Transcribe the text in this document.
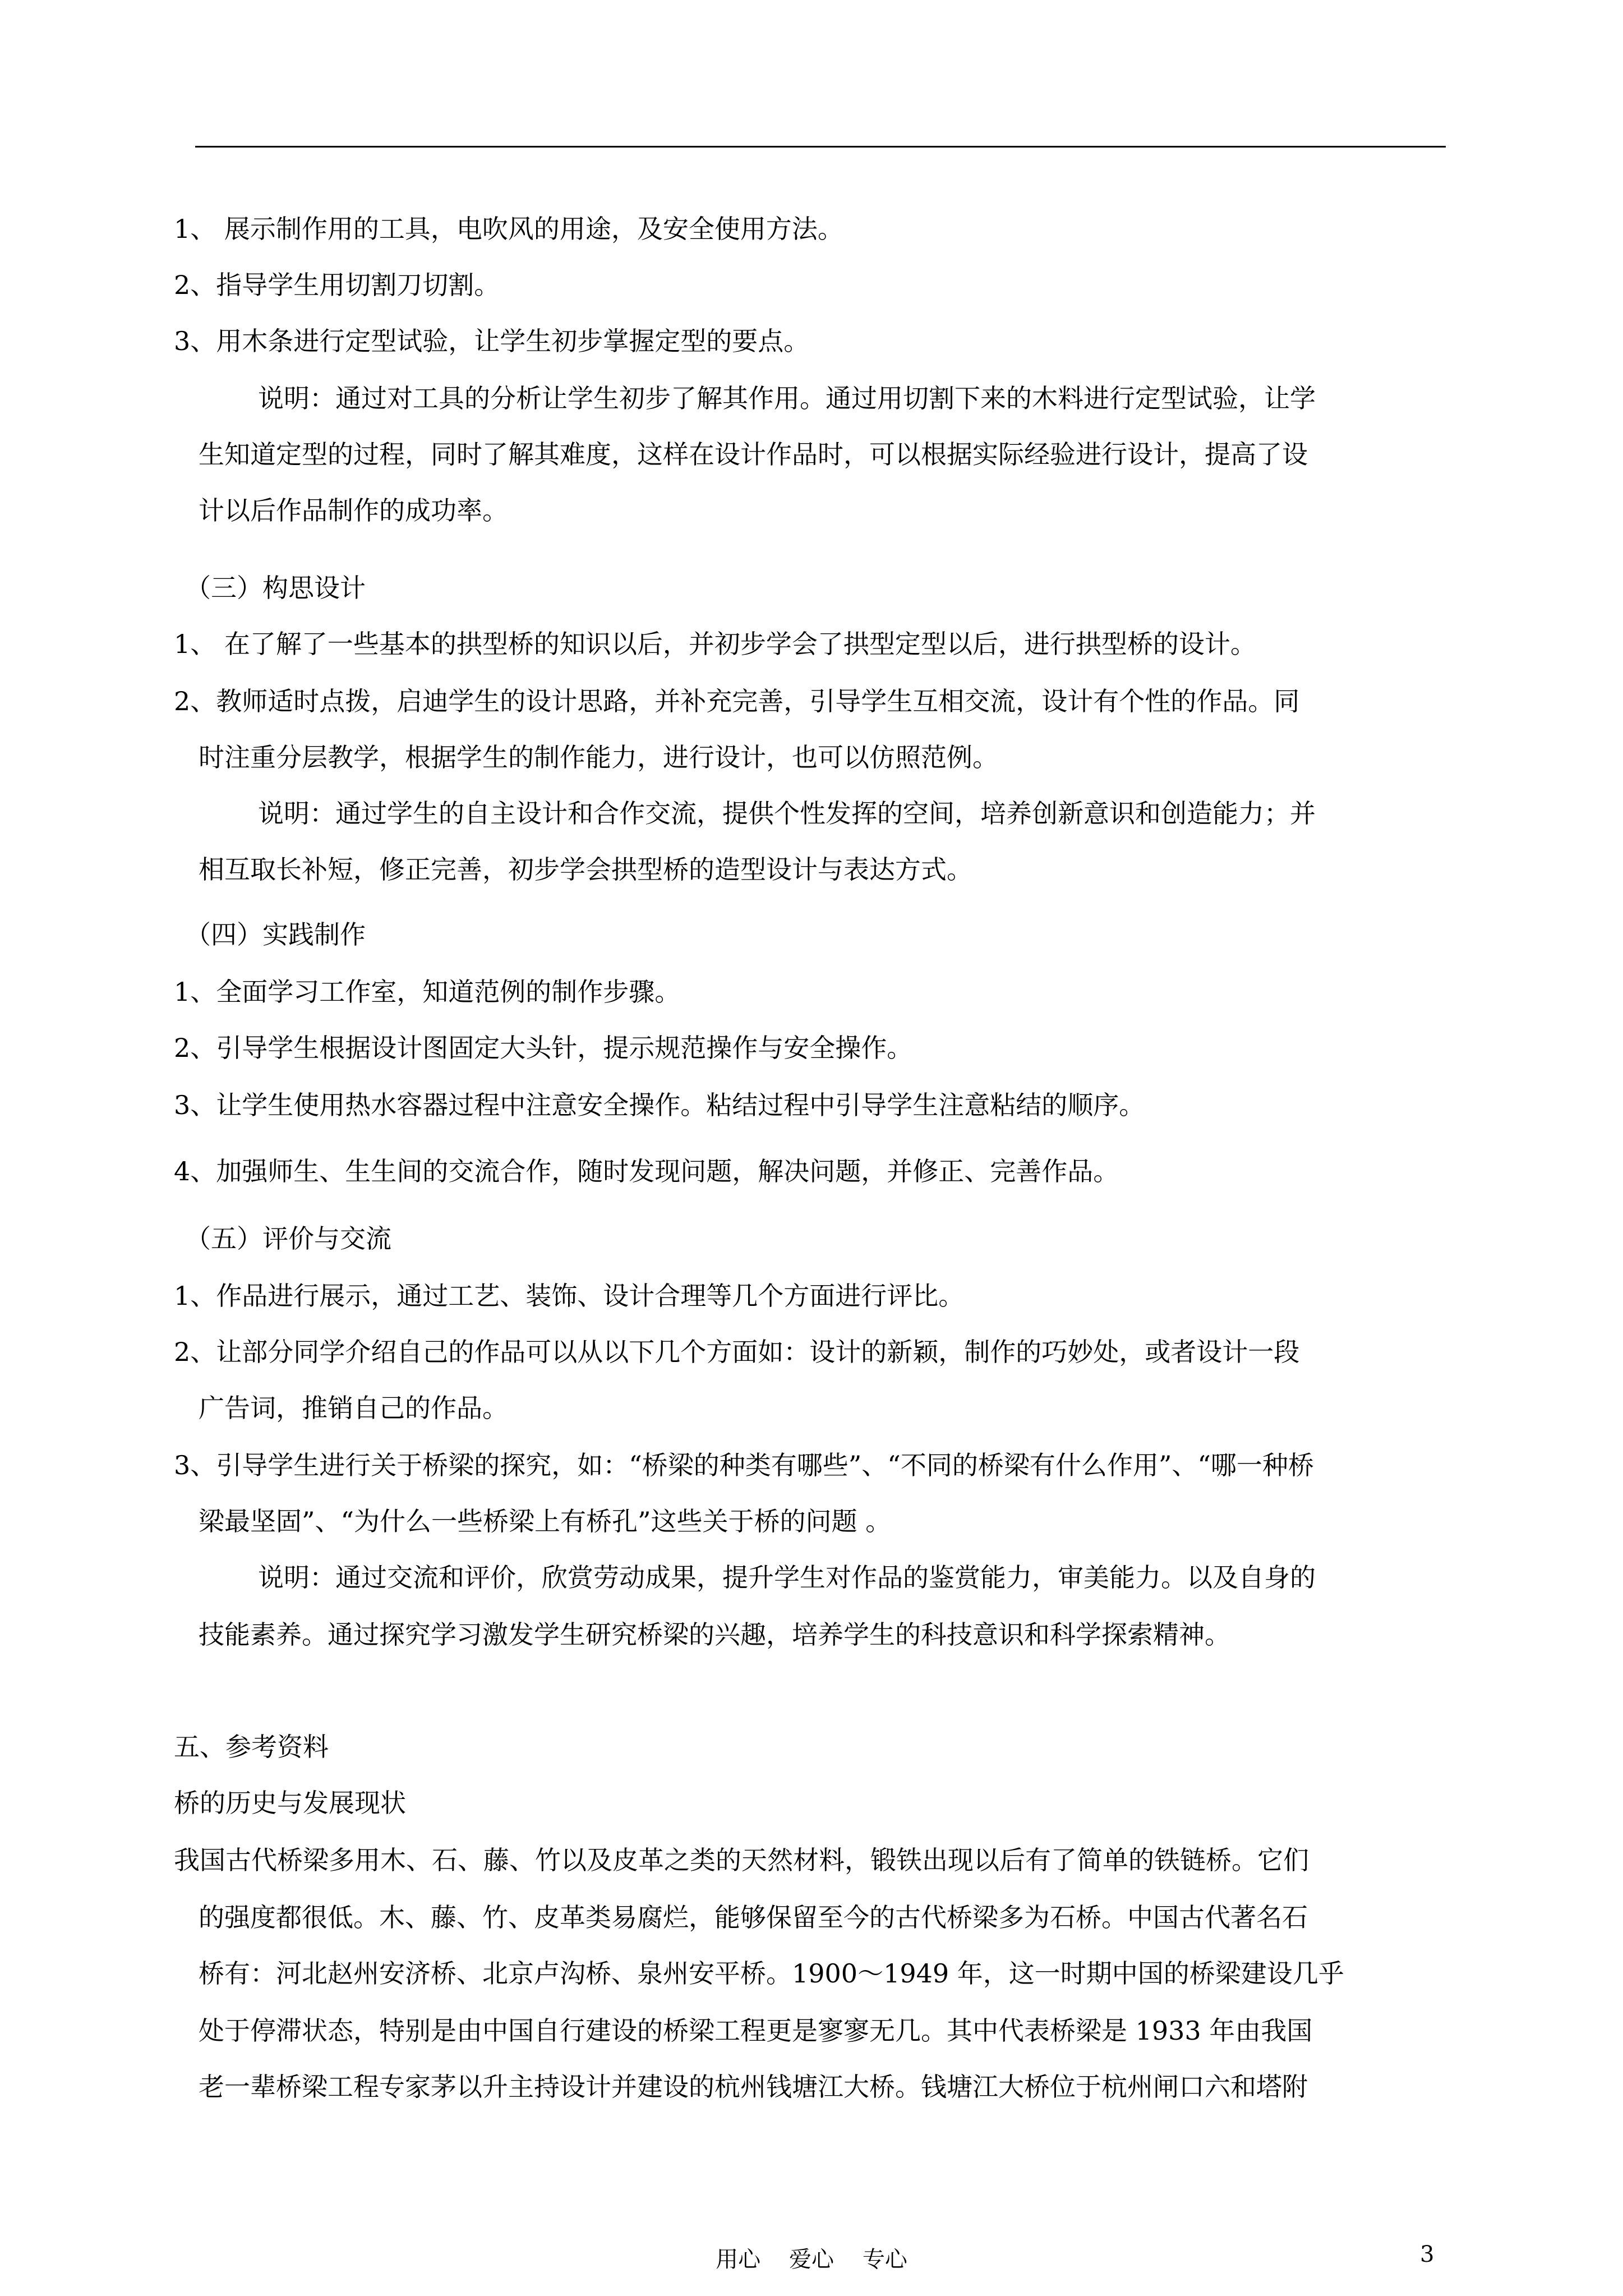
1、 展示制作用的工具，电吹风的用途，及安全使用方法。
2、指导学生用切割刀切割。
3、用木条进行定型试验，让学生初步掌握定型的要点。
说明：通过对工具的分析让学生初步了解其作用。通过用切割下来的木料进行定型试验，让学
生知道定型的过程，同时了解其难度，这样在设计作品时，可以根据实际经验进行设计，提高了设
计以后作品制作的成功率。
（三）构思设计
1、 在了解了一些基本的拱型桥的知识以后，并初步学会了拱型定型以后，进行拱型桥的设计。
2、教师适时点拨，启迪学生的设计思路，并补充完善，引导学生互相交流，设计有个性的作品。同
时注重分层教学，根据学生的制作能力，进行设计，也可以仿照范例。
说明：通过学生的自主设计和合作交流，提供个性发挥的空间，培养创新意识和创造能力；并
相互取长补短，修正完善，初步学会拱型桥的造型设计与表达方式。
（四）实践制作
1、全面学习工作室，知道范例的制作步骤。
2、引导学生根据设计图固定大头针，提示规范操作与安全操作。
3、让学生使用热水容器过程中注意安全操作。粘结过程中引导学生注意粘结的顺序。
4、加强师生、生生间的交流合作，随时发现问题，解决问题，并修正、完善作品。
（五）评价与交流
1、作品进行展示，通过工艺、装饰、设计合理等几个方面进行评比。
2、让部分同学介绍自己的作品可以从以下几个方面如：设计的新颖，制作的巧妙处，或者设计一段
广告词，推销自己的作品。
3、引导学生进行关于桥梁的探究，如：“桥梁的种类有哪些”、“不同的桥梁有什么作用”、“哪一种桥
梁最坚固”、“为什么一些桥梁上有桥孔”这些关于桥的问题 。
说明：通过交流和评价，欣赏劳动成果，提升学生对作品的鉴赏能力，审美能力。以及自身的
技能素养。通过探究学习激发学生研究桥梁的兴趣，培养学生的科技意识和科学探索精神。
五、参考资料
桥的历史与发展现状
我国古代桥梁多用木、石、藤、竹以及皮革之类的天然材料，锻铁出现以后有了简单的铁链桥。它们
的强度都很低。木、藤、竹、皮革类易腐烂，能够保留至今的古代桥梁多为石桥。中国古代著名石
桥有：河北赵州安济桥、北京卢沟桥、泉州安平桥。1900～1949 年，这一时期中国的桥梁建设几乎
处于停滞状态，特别是由中国自行建设的桥梁工程更是寥寥无几。其中代表桥梁是 1933 年由我国
老一辈桥梁工程专家茅以升主持设计并建设的杭州钱塘江大桥。钱塘江大桥位于杭州闸口六和塔附
用心    爱心    专心	3
